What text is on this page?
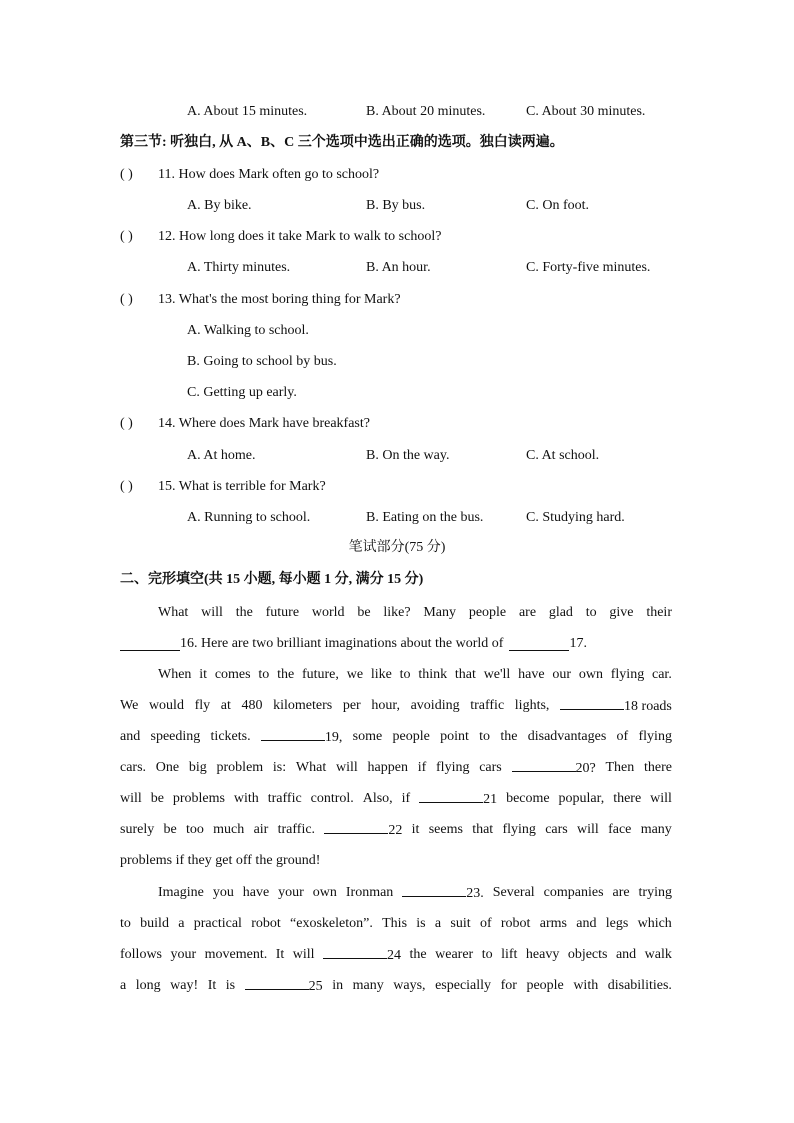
A. About 15 minutes.	B. About 20 minutes.	C. About 30 minutes.
第三节: 听独白, 从 A、B、C 三个选项中选出正确的选项。独白读两遍。
( ) 11. How does Mark often go to school?
A. By bike.	B. By bus.	C. On foot.
( ) 12. How long does it take Mark to walk to school?
A. Thirty minutes.	B. An hour.	C. Forty-five minutes.
( ) 13. What's the most boring thing for Mark?
A. Walking to school.
B. Going to school by bus.
C. Getting up early.
( ) 14. Where does Mark have breakfast?
A. At home.	B. On the way.	C. At school.
( ) 15. What is terrible for Mark?
A. Running to school.	B. Eating on the bus.	C. Studying hard.
笔试部分(75 分)
二、完形填空(共 15 小题, 每小题 1 分, 满分 15 分)
What will the future world be like? Many people are glad to give their
16. Here are two brilliant imaginations about the world of	17.
When it comes to the future, we like to think that we'll have our own flying car.
We would fly at 480 kilometers per hour, avoiding traffic lights,	18 roads
and speeding tickets.	19, some people point to the disadvantages of flying
cars. One big problem is: What will happen if flying cars	20? Then there
will be problems with traffic control. Also, if	21 become popular, there will
surely be too much air traffic.	22 it seems that flying cars will face many
problems if they get off the ground!
Imagine you have your own Ironman	23. Several companies are trying
to build a practical robot “exoskeleton”. This is a suit of robot arms and legs which
follows your movement. It will	24 the wearer to lift heavy objects and walk
a long way! It is	25 in many ways, especially for people with disabilities.
